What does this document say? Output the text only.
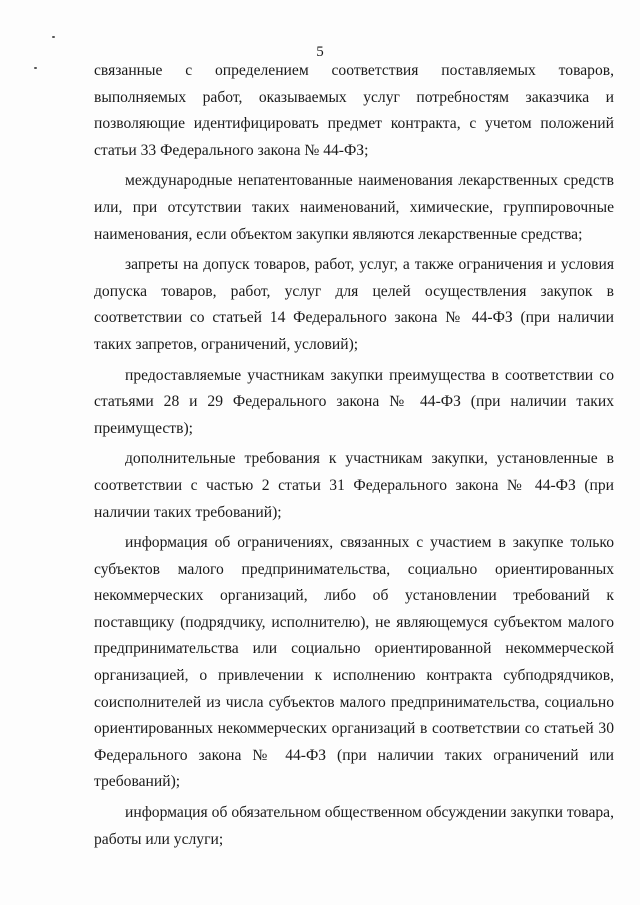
5

связанные с определением соответствия поставляемых товаров, выполняемых работ, оказываемых услуг потребностям заказчика и позволяющие идентифицировать предмет контракта, с учетом положений статьи 33 Федерального закона № 44-ФЗ;

международные непатентованные наименования лекарственных средств или, при отсутствии таких наименований, химические, группировочные наименования, если объектом закупки являются лекарственные средства;

запреты на допуск товаров, работ, услуг, а также ограничения и условия допуска товаров, работ, услуг для целей осуществления закупок в соответствии со статьей 14 Федерального закона № 44-ФЗ (при наличии таких запретов, ограничений, условий);

предоставляемые участникам закупки преимущества в соответствии со статьями 28 и 29 Федерального закона № 44-ФЗ (при наличии таких преимуществ);

дополнительные требования к участникам закупки, установленные в соответствии с частью 2 статьи 31 Федерального закона № 44-ФЗ (при наличии таких требований);

информация об ограничениях, связанных с участием в закупке только субъектов малого предпринимательства, социально ориентированных некоммерческих организаций, либо об установлении требований к поставщику (подрядчику, исполнителю), не являющемуся субъектом малого предпринимательства или социально ориентированной некоммерческой организацией, о привлечении к исполнению контракта субподрядчиков, соисполнителей из числа субъектов малого предпринимательства, социально ориентированных некоммерческих организаций в соответствии со статьей 30 Федерального закона № 44-ФЗ (при наличии таких ограничений или требований);

информация об обязательном общественном обсуждении закупки товара, работы или услуги;
